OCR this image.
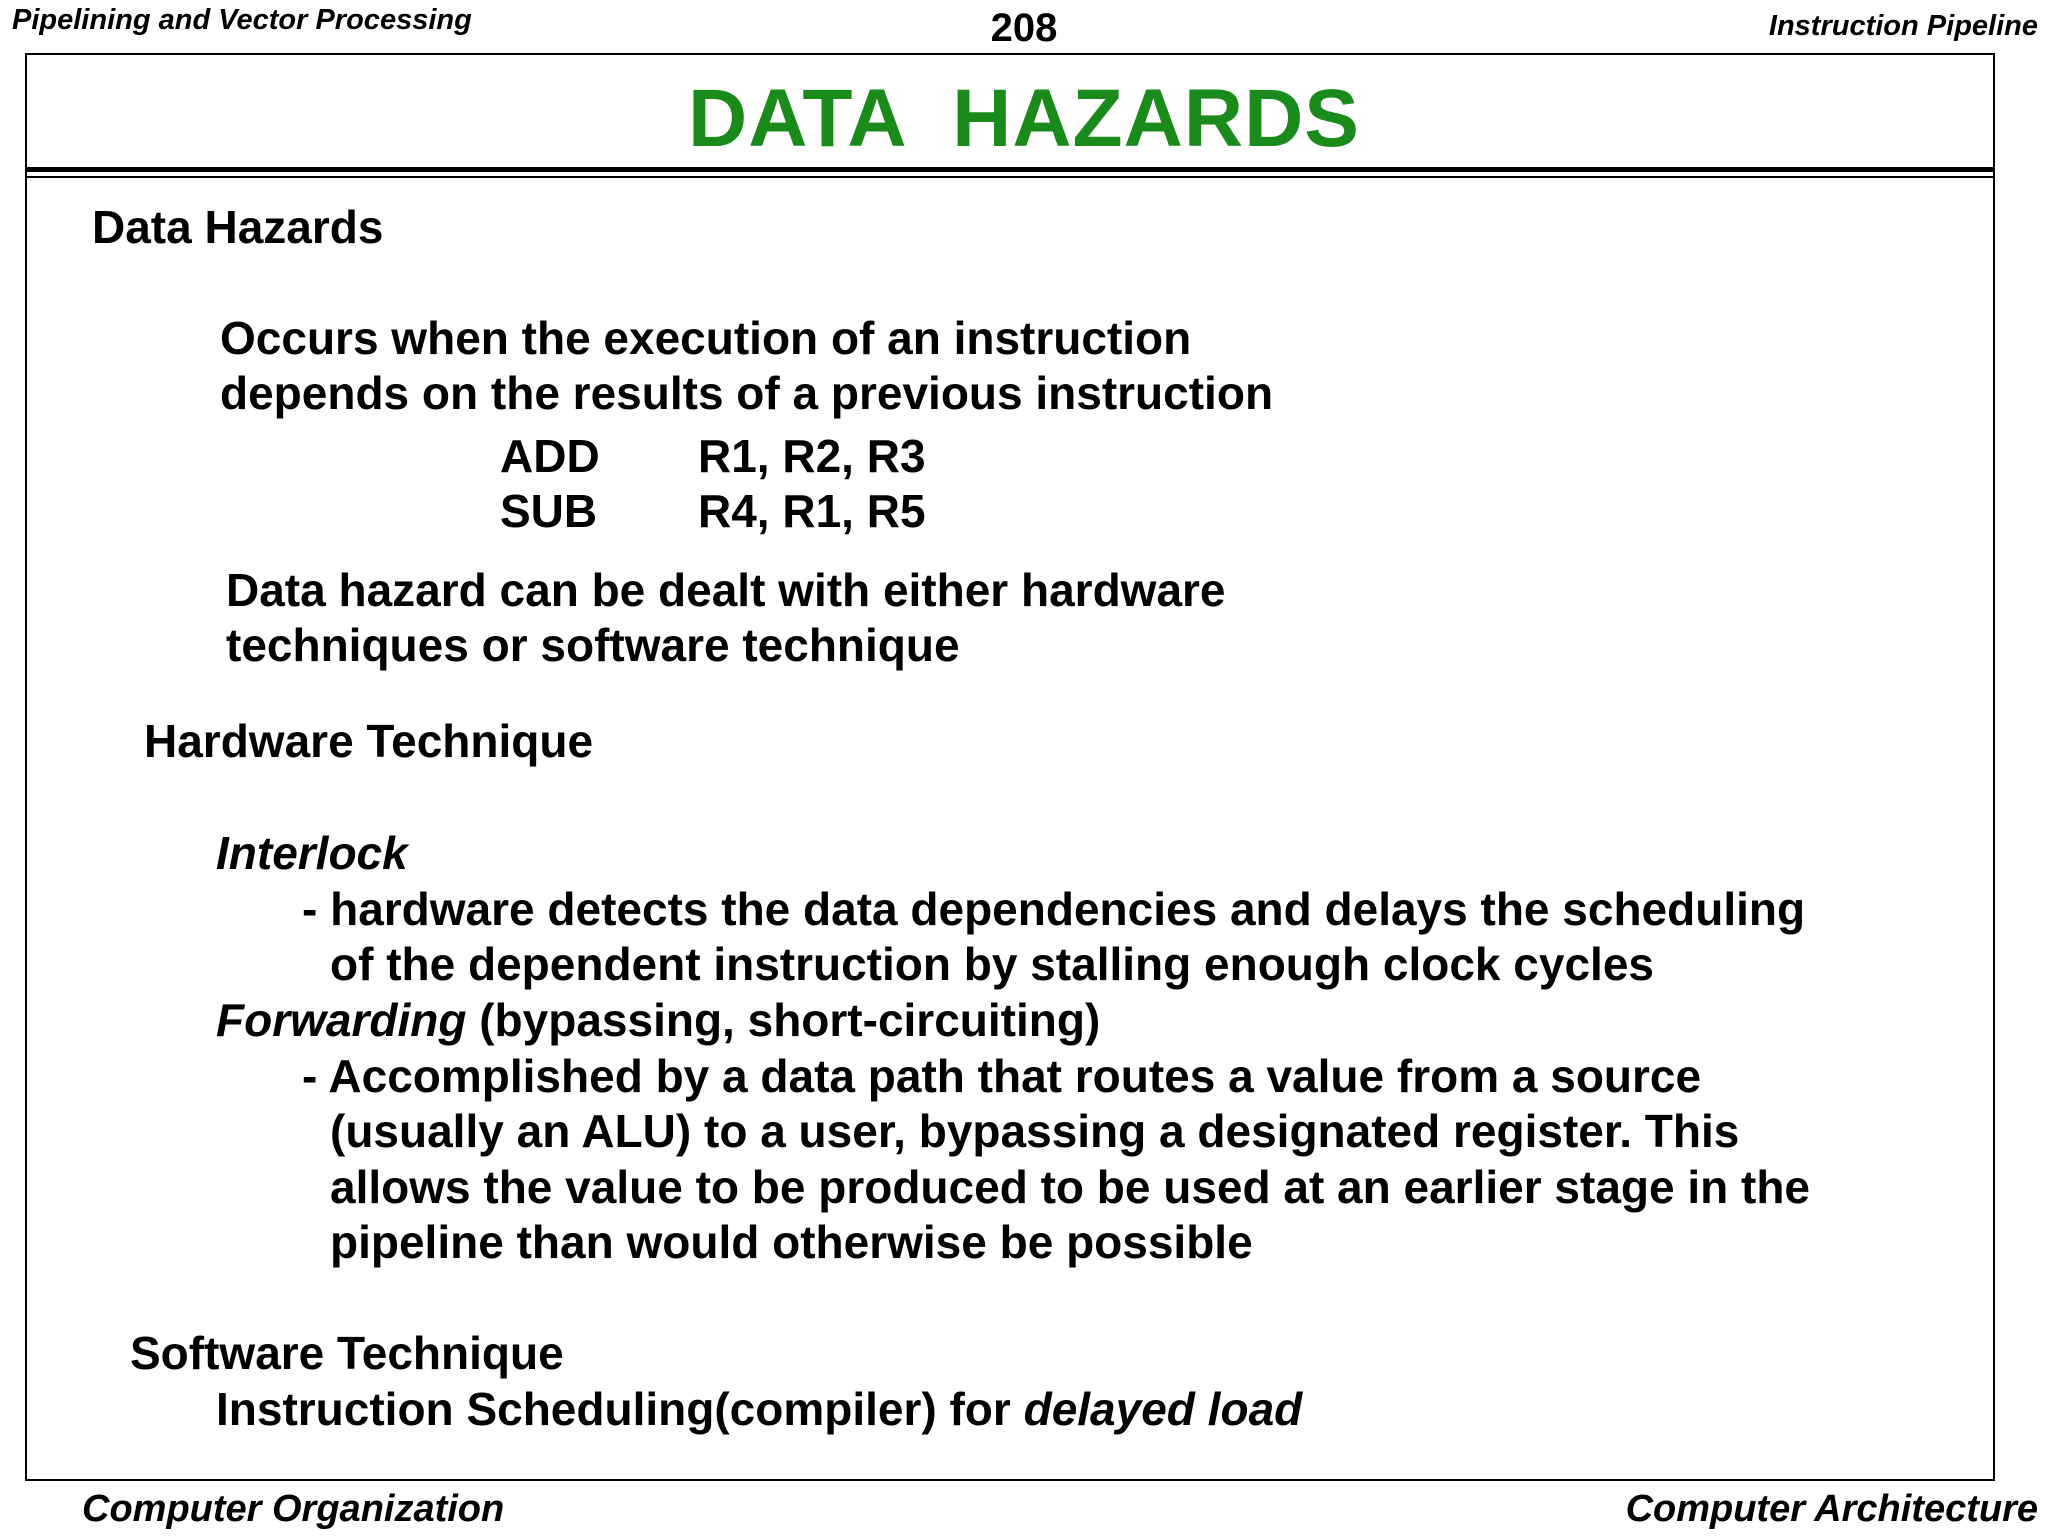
Pipelining and Vector Processing	208	Instruction Pipeline
DATA  HAZARDS
Data Hazards
Occurs when the execution of an instruction
depends on the results of a previous instruction
ADD R1, R2, R3
SUB R4, R1, R5
Data hazard can be dealt with either hardware
techniques or software technique
Hardware Technique
Interlock
- hardware detects the data dependencies and delays the scheduling
of the dependent instruction by stalling enough clock cycles
Forwarding (bypassing, short-circuiting)
- Accomplished by a data path that routes a value from a source
(usually an ALU) to a user, bypassing a designated register. This
allows the value to be produced to be used at an earlier stage in the
pipeline than would otherwise be possible
Software Technique
Instruction Scheduling(compiler) for delayed load
Computer Organization	Computer Architecture
